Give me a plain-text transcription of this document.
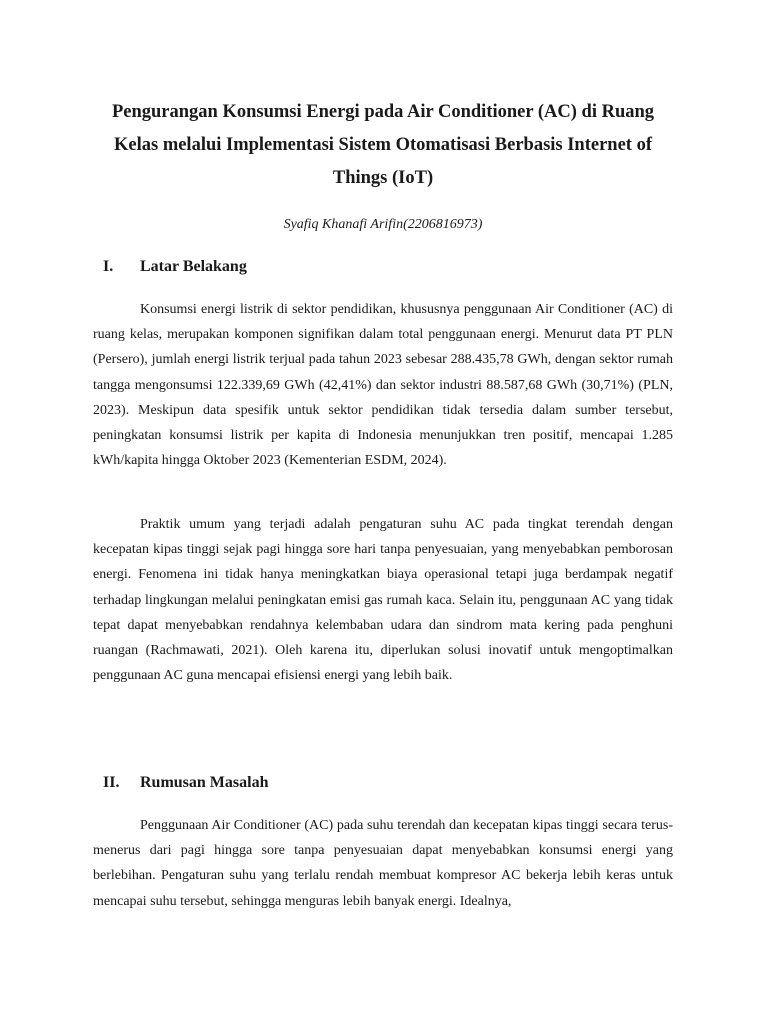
Pengurangan Konsumsi Energi pada Air Conditioner (AC) di Ruang Kelas melalui Implementasi Sistem Otomatisasi Berbasis Internet of Things (IoT)
Syafiq Khanafi Arifin(2206816973)
I. Latar Belakang

Konsumsi energi listrik di sektor pendidikan, khususnya penggunaan Air Conditioner (AC) di ruang kelas, merupakan komponen signifikan dalam total penggunaan energi. Menurut data PT PLN (Persero), jumlah energi listrik terjual pada tahun 2023 sebesar 288.435,78 GWh, dengan sektor rumah tangga mengonsumsi 122.339,69 GWh (42,41%) dan sektor industri 88.587,68 GWh (30,71%) (PLN, 2023). Meskipun data spesifik untuk sektor pendidikan tidak tersedia dalam sumber tersebut, peningkatan konsumsi listrik per kapita di Indonesia menunjukkan tren positif, mencapai 1.285 kWh/kapita hingga Oktober 2023 (Kementerian ESDM, 2024).

Praktik umum yang terjadi adalah pengaturan suhu AC pada tingkat terendah dengan kecepatan kipas tinggi sejak pagi hingga sore hari tanpa penyesuaian, yang menyebabkan pemborosan energi. Fenomena ini tidak hanya meningkatkan biaya operasional tetapi juga berdampak negatif terhadap lingkungan melalui peningkatan emisi gas rumah kaca. Selain itu, penggunaan AC yang tidak tepat dapat menyebabkan rendahnya kelembaban udara dan sindrom mata kering pada penghuni ruangan (Rachmawati, 2021). Oleh karena itu, diperlukan solusi inovatif untuk mengoptimalkan penggunaan AC guna mencapai efisiensi energi yang lebih baik.

II. Rumusan Masalah

Penggunaan Air Conditioner (AC) pada suhu terendah dan kecepatan kipas tinggi secara terus-menerus dari pagi hingga sore tanpa penyesuaian dapat menyebabkan konsumsi energi yang berlebihan. Pengaturan suhu yang terlalu rendah membuat kompresor AC bekerja lebih keras untuk mencapai suhu tersebut, sehingga menguras lebih banyak energi. Idealnya,
